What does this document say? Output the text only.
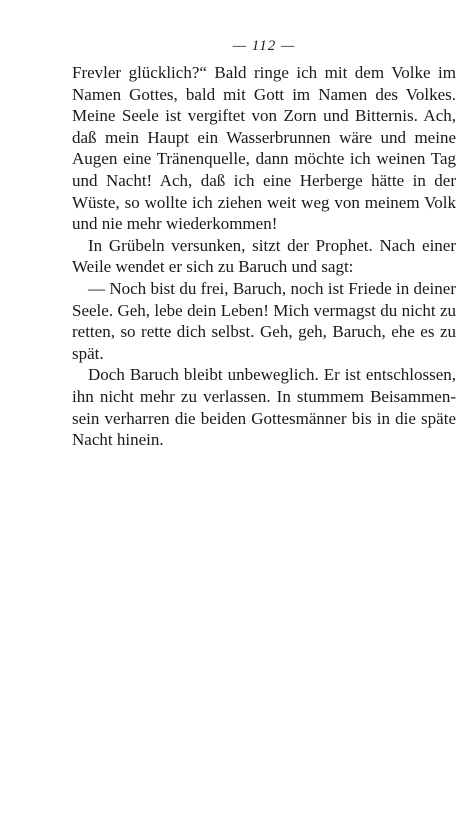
— 112 —

Frevler glücklich?“ Bald ringe ich mit dem Volke im
Namen Gottes, bald mit Gott im Namen des Volkes.
Meine Seele ist vergiftet von Zorn und Bitternis. Ach,
daß mein Haupt ein Wasserbrunnen wäre und meine
Augen eine Tränenquelle, dann möchte ich weinen Tag
und Nacht! Ach, daß ich eine Herberge hätte in der
Wüste, so wollte ich ziehen weit weg von meinem Volk
und nie mehr wiederkommen!

In Grübeln versunken, sitzt der Prophet. Nach einer
Weile wendet er sich zu Baruch und sagt:

— Noch bist du frei, Baruch, noch ist Friede in deiner
Seele. Geh, lebe dein Leben! Mich vermagst du nicht zu
retten, so rette dich selbst. Geh, geh, Baruch, ehe es zu
spät.

Doch Baruch bleibt unbeweglich. Er ist entschlossen,
ihn nicht mehr zu verlassen. In stummem Beisammen-
sein verharren die beiden Gottesmänner bis in die späte
Nacht hinein.
